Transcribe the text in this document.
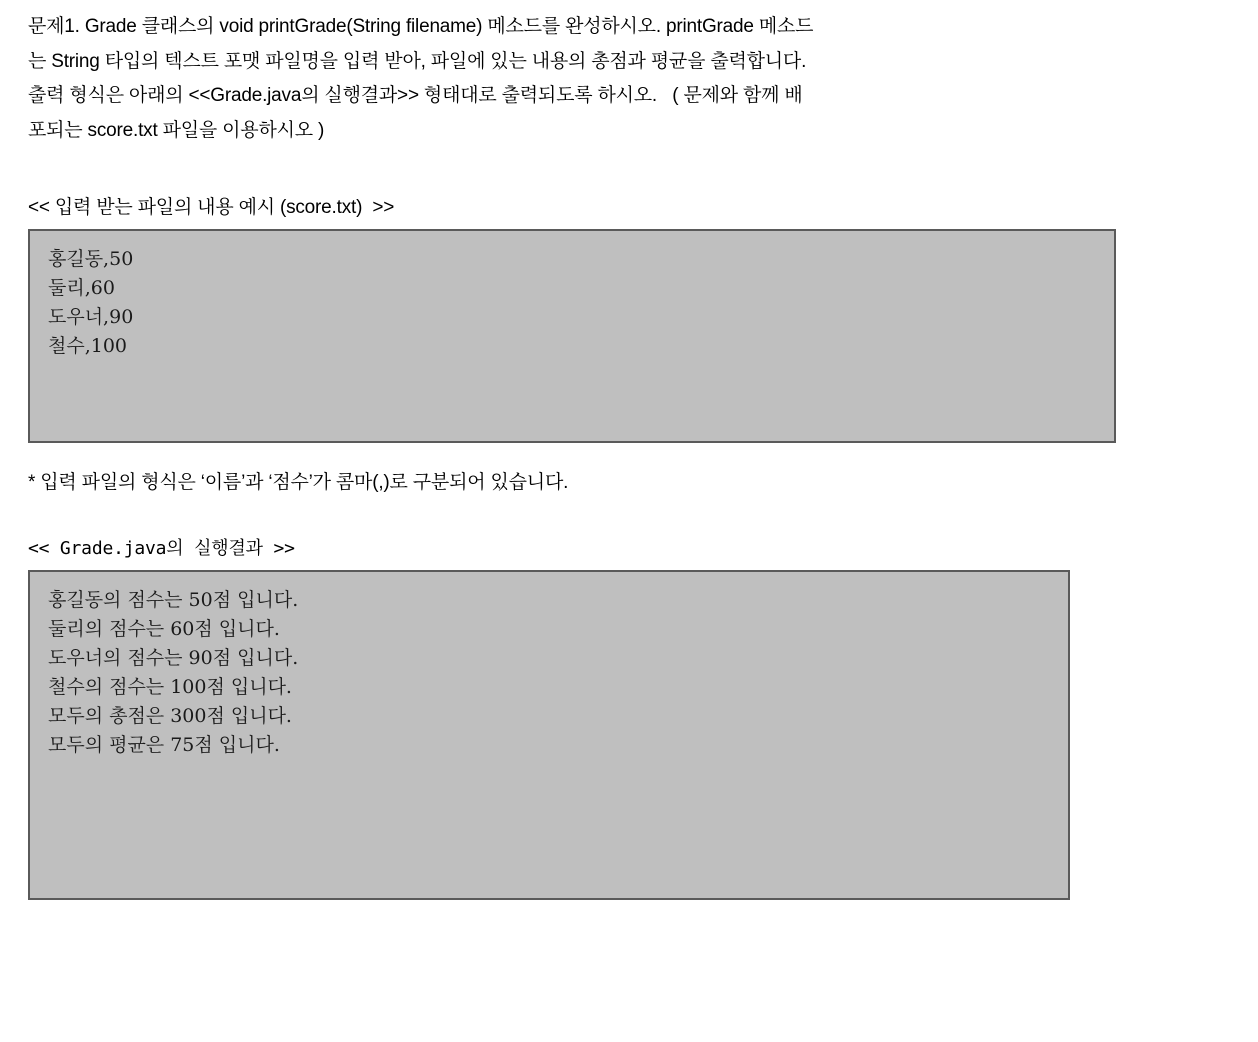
문제1. Grade 클래스의 void printGrade(String filename) 메소드를 완성하시오. printGrade 메소드
는 String 타입의 텍스트 포맷 파일명을 입력 받아, 파일에 있는 내용의 총점과 평균을 출력합니다.
출력 형식은 아래의 <<Grade.java의 실행결과>> 형태대로 출력되도록 하시오.   ( 문제와 함께 배
포되는 score.txt 파일을 이용하시오 )
<< 입력 받는 파일의 내용 예시 (score.txt)  >>
홍길동,50
둘리,60
도우너,90
철수,100
* 입력 파일의 형식은 ‘이름’과 ‘점수’가 콤마(,)로 구분되어 있습니다.
<< Grade.java의 실행결과 >>
홍길동의 점수는 50점 입니다.
둘리의 점수는 60점 입니다.
도우너의 점수는 90점 입니다.
철수의 점수는 100점 입니다.
모두의 총점은 300점 입니다.
모두의 평균은 75점 입니다.
